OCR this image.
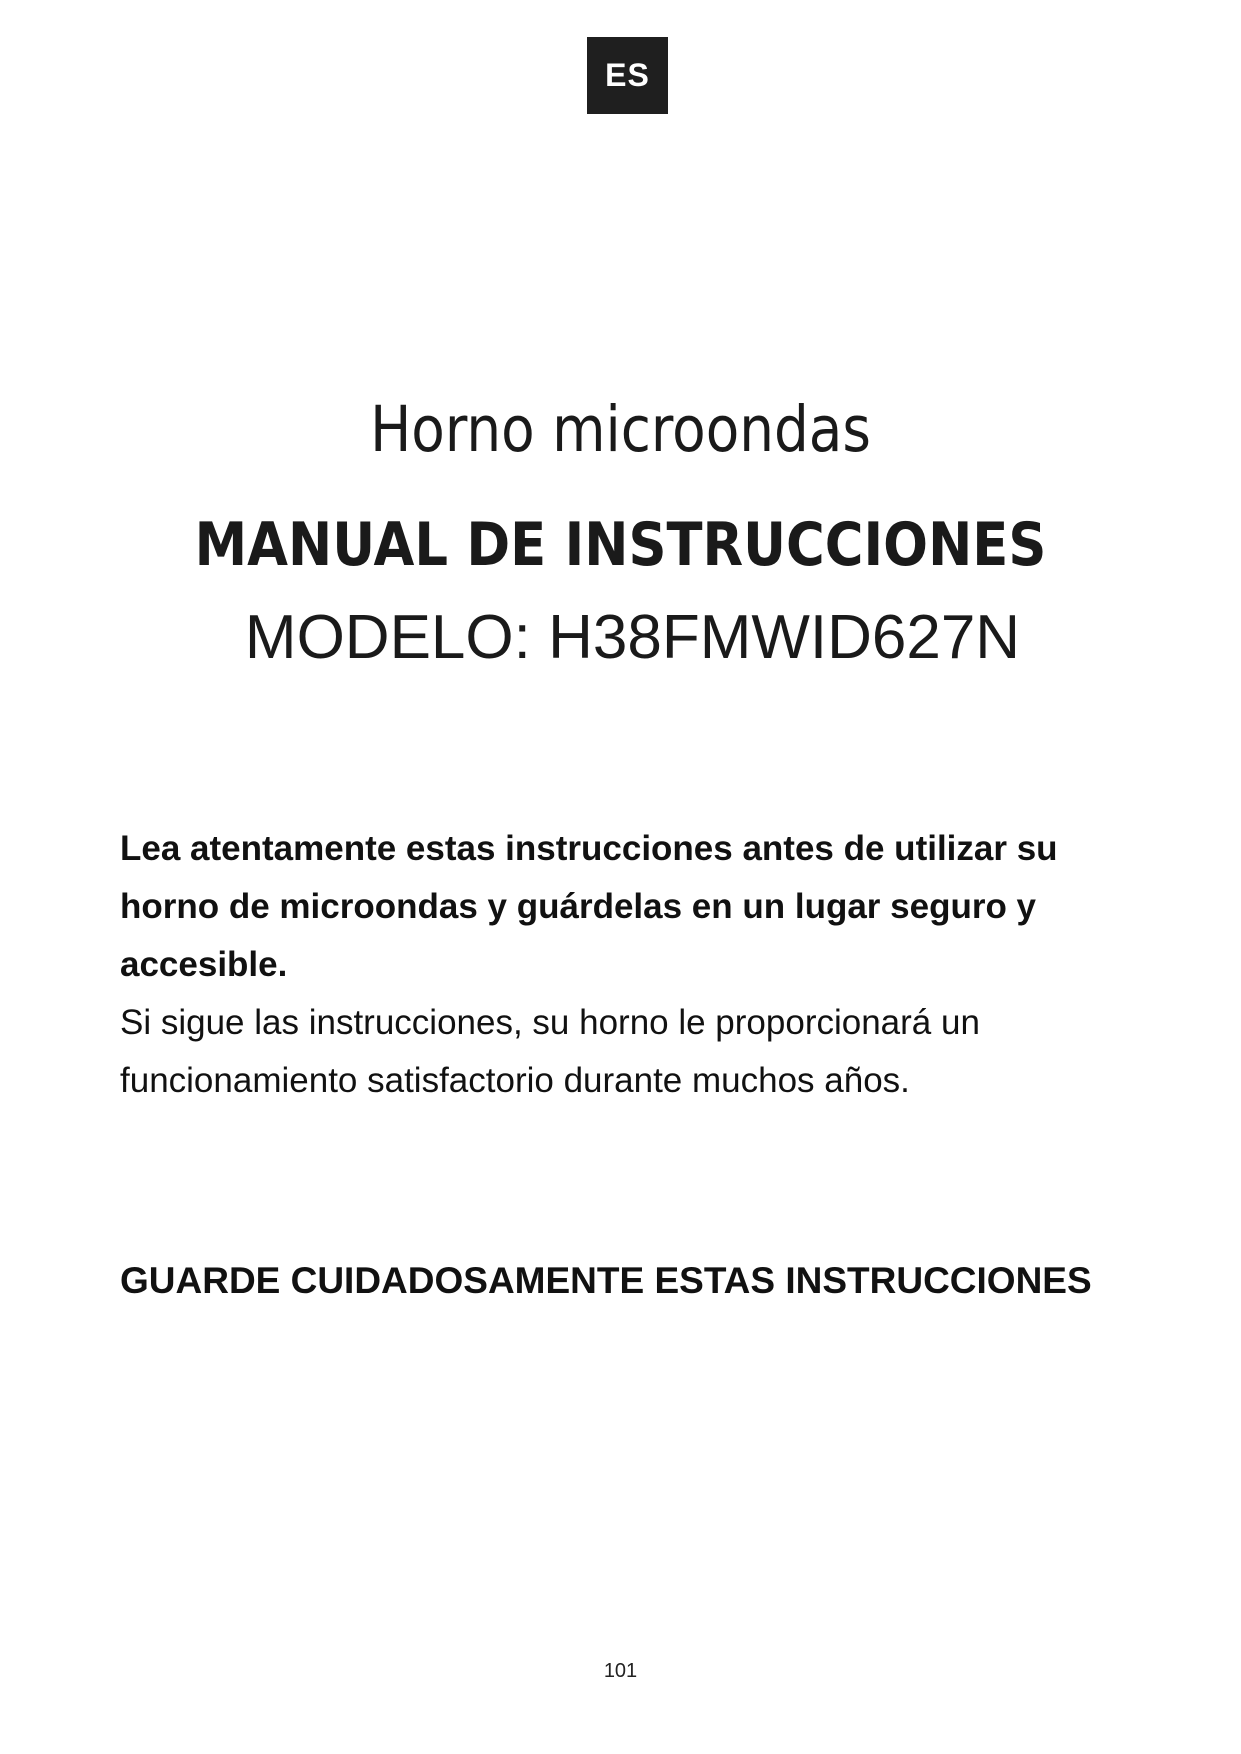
ES
Horno microondas
MANUAL DE INSTRUCCIONES
MODELO: H38FMWID627N
Lea atentamente estas instrucciones antes de utilizar su horno de microondas y guárdelas en un lugar seguro y accesible.
Si sigue las instrucciones, su horno le proporcionará un funcionamiento satisfactorio durante muchos años.
GUARDE CUIDADOSAMENTE ESTAS INSTRUCCIONES
101
